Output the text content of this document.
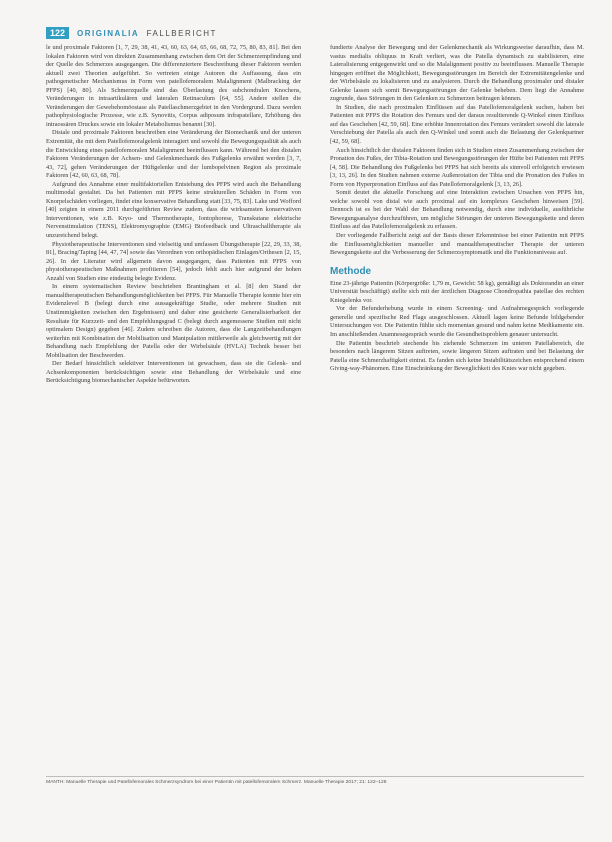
122	ORIGINALIA FALLBERICHT

le und proximale Faktoren [1, 7, 29, 38, 41, 43, 60, 63, 64, 65, 66, 68, 72, 75, 80, 83, 81]. Bei den lokalen Faktoren wird von direkten Zusammenhang zwischen dem Ort der Schmerzempfindung und der Quelle des Schmerzes ausgegangen. Die differenziertere Beschreibung dieser Faktoren werden aktuell zwei Theorien aufgeführt. So vertreten einige Autoren die Auffassung, dass ein pathogenetischer Mechanismus in Form von patellofemoralem Malalignment (Malbracking der PFPS) [40, 80]. Als Schmerzquelle sind das Überlastung des subchondralen Knochens, Veränderungen in intraartikulären und lateralen Retinaculum [64, 55]. Andere stellen die Veränderungen der Gewebehomöostase als Patellaschmerzgebiet in den Vordergrund. Dazu werden pathophysiologische Prozesse, wie z.B. Synovitis, Corpus adiposum infrapatellare, Erhöhung des intraossären Druckes sowie ein lokaler Metabolismus benannt [30].

Distale und proximale Faktoren beschreiben eine Veränderung der Biomechanik und der unteren Extremität, die mit dem Patellofemoralgelenk interagiert und sowohl die Bewegungsqualität als auch die Entwicklung eines patellofemoralen Malalignment beeinflussen kann. Während bei den distalen Faktoren Veränderungen der Achsen- und Gelenkmechanik des Fußgelenks erwähnt werden [3, 7, 43, 72], gehen Veränderungen der Hüftgelenke und der lumbopelvinen Region als proximale Faktoren [42, 60, 63, 68, 78].

Aufgrund des Annahme einer multifaktoriellen Entstehung des PFPS wird auch die Behandlung multimodal gestaltet. Da bei Patienten mit PFPS keine strukturellen Schäden in Form von Knorpelschäden vorliegen, findet eine konservative Behandlung statt [33, 75, 83]. Lake und Wofford [40] zeigten in einem 2011 durchgeführten Review zudem, dass die wirksamsten konservativen Interventionen, wie z.B. Kryo- und Thermotherapie, Iontophorese, Transkutane elektrische Nervenstimulation (TENS), Elektromyographie (EMG) Biofeedback und Ultraschalltherapie als unzureichend belegt.

Physiotherapeutische Interventionen sind vielseitig und umfassen Übungstherapie [22, 29, 33, 38, 81], Bracing/Taping [44, 47, 74] sowie das Verordnen von orthopädischen Einlagen/Orthesen [2, 15, 26]. In der Literatur wird allgemein davon ausgegangen, dass Patienten mit PFPS von physiotherapeutischen Maßnahmen profitieren [54], jedoch fehlt auch hier aufgrund der hohen Anzahl von Studien eine eindeutig belegte Evidenz.

In einem systematischen Review beschrieben Brantingham et al. [8] den Stand der manualtherapeutischen Behandlungsmöglichkeiten bei PFPS. Für Manuelle Therapie konnte hier ein Evidenzlevel B (belegt durch eine aussagekräftige Studie, oder mehrere Studien mit Unstimmigkeiten zwischen den Ergebnissen) und daher eine gesicherte Generalisierbarkeit der Resultate für Kurzzeit- und den Empfehlungsgrad C (belegt durch angemessene Studien mit nicht optimalem Design) gegeben [46]. Zudem schreiben die Autoren, dass die Langzeitbehandlungen weiterhin mit Kombination der Mobilisation und Manipulation mittlerweile als gleichwertig mit der Behandlung nach Empfehlung der Patella oder der Wirbelsäule (HVLA) Technik besser bei Mobilisation der Beschwerden.

Der Bedarf hinsichtlich selektiver Interventionen ist gewachsen, dass sie die Gelenk- und Achsenkomponenten berücksichtigen sowie eine Behandlung der Wirbelsäule und eine Berücksichtigung biomechanischer Aspekte befürworten.

fundierte Analyse der Bewegung und der Gelenkmechanik als Wirkungsweise daraufhin, dass M. vastus medialis obliquus in Kraft verliert, was die Patella dynamisch zu stabilisieren, eine Lateralisierung entgegenwirkt und so die Malalignment positiv zu beeinflussen. Manuelle Therapie hingegen eröffnet die Möglichkeit, Bewegungsstörungen im Bereich der Extremitätengelenke und der Wirbelsäule zu lokalisieren und zu analysieren. Durch die Behandlung proximaler und distaler Gelenke lassen sich somit Bewegungsstörungen der Gelenke beheben. Dem liegt die Annahme zugrunde, dass Störungen in den Gelenken zu Schmerzen beitragen können.

In Studien, die nach proximalen Einflüssen auf das Patellofemoralgelenk suchen, haben bei Patienten mit PFPS die Rotation des Femurs und der daraus resultierende Q-Winkel einen Einfluss auf das Geschehen [42, 59, 68]. Eine erhöhte Innenrotation des Femurs verändert sowohl die laterale Verschiebung der Patella als auch den Q-Winkel und somit auch die Belastung der Gelenkpartner [42, 59, 68].

Auch hinsichtlich der distalen Faktoren finden sich in Studien einen Zusammenhang zwischen der Pronation des Fußes, der Tibia-Rotation und Bewegungsstörungen der Hüfte bei Patienten mit PFPS [4, 58]. Die Behandlung des Fußgelenks bei PFPS hat sich bereits als sinnvoll erfolgreich erwiesen [3, 13, 26]. In den Studien nahmen externe Außenrotation der Tibia und die Pronation des Fußes in Form von Hyperpronation Einfluss auf das Patellofemoralgelenk [3, 13, 26].

Somit deutet die aktuelle Forschung auf eine Interaktion zwischen Ursachen von PFPS hin, welche sowohl von distal wie auch proximal auf ein komplexes Geschehen hinweisen [59]. Dennoch ist es bei der Wahl der Behandlung notwendig, durch eine individuelle, ausführliche Bewegungsanalyse durchzuführen, um mögliche Störungen der unteren Bewegungskette und deren Einfluss auf das Patellofemoralgelenk zu erfassen.

Der vorliegende Fallbericht zeigt auf der Basis dieser Erkenntnisse bei einer Patientin mit PFPS die Einflussmöglichkeiten manueller und manualtherapeutischer Therapie der unteren Bewegungskette auf die Verbesserung der Schmerzsymptomatik und die Funktionsniveau auf.

Methode

Eine 23-jährige Patientin (Körpergröße: 1,79 m, Gewicht: 58 kg), gemäßigt als Doktorandin an einer Universität beschäftigt) stellte sich mit der ärztlichen Diagnose Chondropathia patellae des rechten Kniegelenks vor.

Vor der Befunderhebung wurde in einem Screening- und Aufnahmegespräch vorliegende generelle und spezifische Red Flags ausgeschlossen. Aktuell lagen keine Befunde bildgebender Untersuchungen vor. Die Patientin fühlte sich momentan gesund und nahm keine Medikamente ein. Im anschließenden Anamnesegespräch wurde die Gesundheitsproblem genauer untersucht.

Die Patientin beschrieb stechende bis ziehende Schmerzen im unteren Patellabereich, die besonders nach längerem Sitzen auftreten, sowie längeren Sitzen auftraten und bei Belastung der Patella eine Schmerzhaftigkeit eintrat. Es fanden sich keine Instabilitätszeichen entsprechend einem Giving-way-Phänomen. Eine Einschränkung der Beweglichkeit des Knies war nicht gegeben.

MANTH: Manuelle Therapie und Patellofemorales Schmerzsyndrom bei einer Patientin mit patellofemoralem Schmerz. Manuelle Therapie 2017; 21: 122–128
